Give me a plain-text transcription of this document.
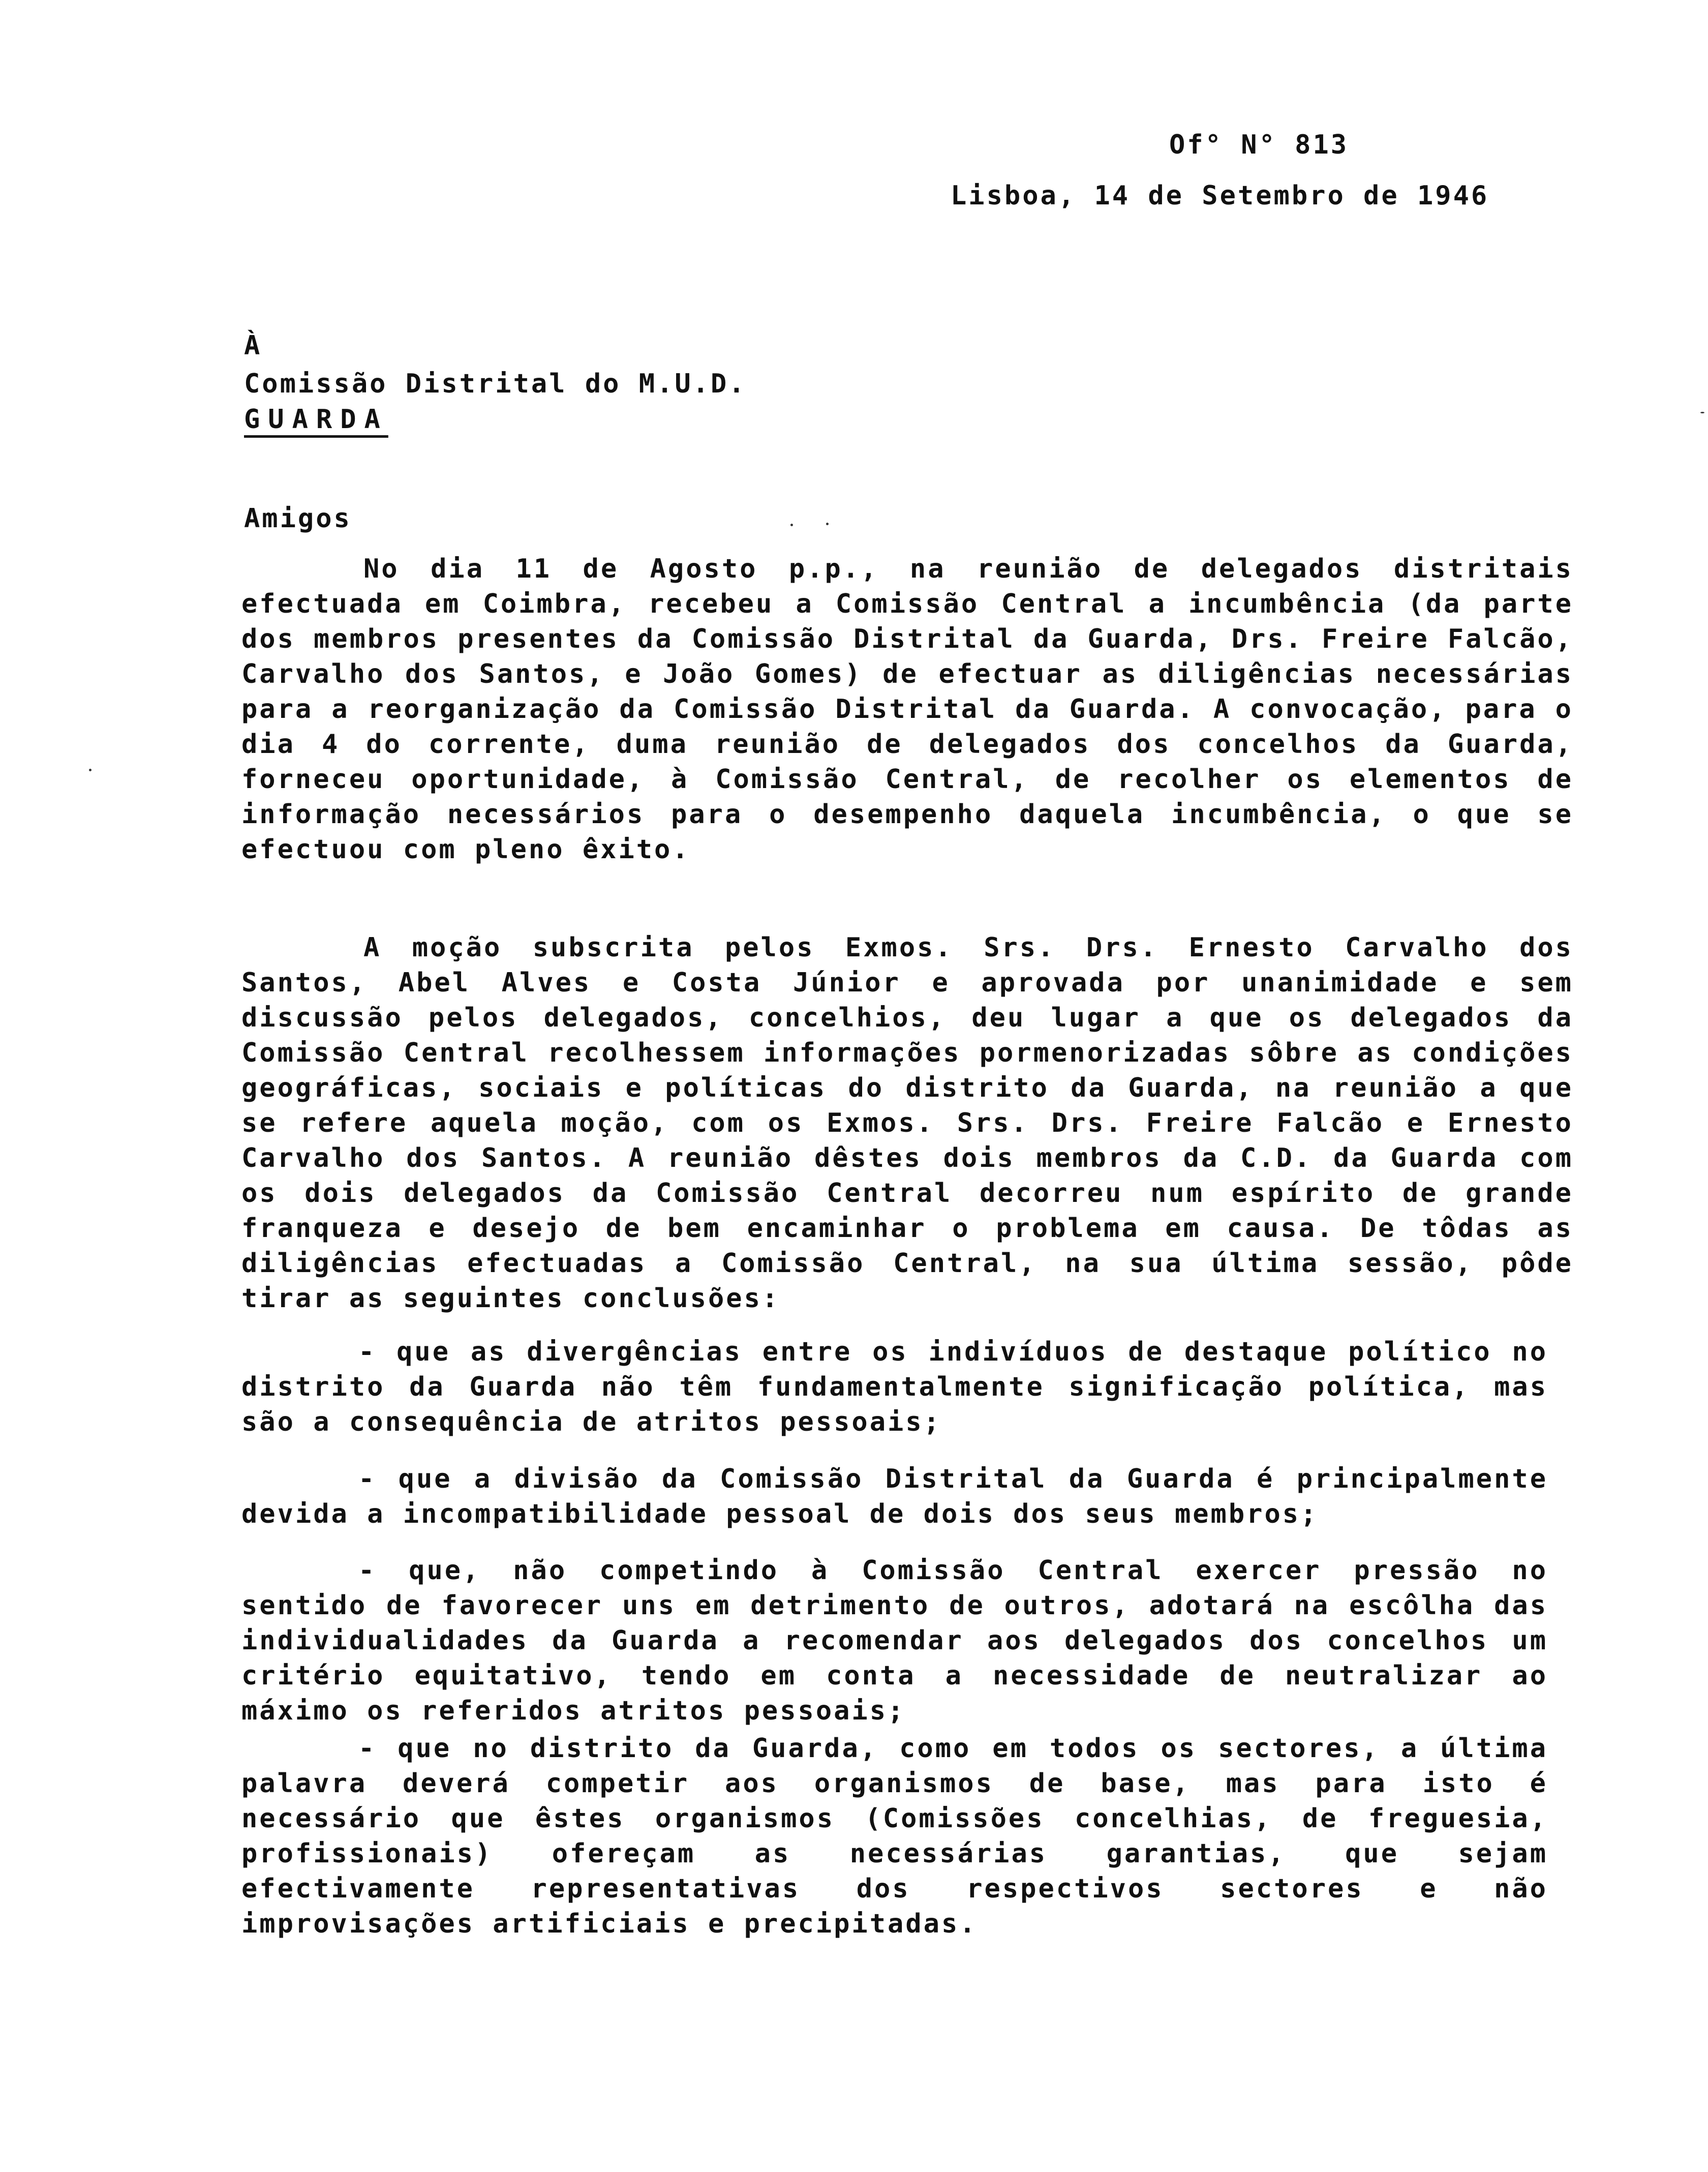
Of° N° 813
Lisboa, 14 de Setembro de 1946
À
Comissão Distrital do M.U.D.
GUARDA
Amigos

No dia 11 de Agosto p.p., na reunião de delegados distritais efectuada em Coimbra, recebeu a Comissão Central a incumbência (da parte dos membros presentes da Comissão Distrital da Guarda, Drs. Freire Falcão, Carvalho dos Santos, e João Gomes) de efectuar as diligências necessárias para a reorganização da Comissão Distrital da Guarda. A convocação, para o dia 4 do corrente, duma reunião de delegados dos concelhos da Guarda, forneceu oportunidade, à Comissão Central, de recolher os elementos de informação necessários para o desempenho daquela incumbência, o que se efectuou com pleno êxito.

A moção subscrita pelos Exmos. Srs. Drs. Ernesto Carvalho dos Santos, Abel Alves e Costa Júnior e aprovada por unanimidade e sem discussão pelos delegados, concelhios, deu lugar a que os delegados da Comissão Central recolhessem informações pormenorizadas sôbre as condições geográficas, sociais e políticas do distrito da Guarda, na reunião a que se refere aquela moção, com os Exmos. Srs. Drs. Freire Falcão e Ernesto Carvalho dos Santos. A reunião dêstes dois membros da C.D. da Guarda com os dois delegados da Comissão Central decorreu num espírito de grande franqueza e desejo de bem encaminhar o problema em causa. De tôdas as diligências efectuadas a Comissão Central, na sua última sessão, pôde tirar as seguintes conclusões:

- que as divergências entre os indivíduos de destaque político no distrito da Guarda não têm fundamentalmente significação política, mas são a consequência de atritos pessoais;

- que a divisão da Comissão Distrital da Guarda é principalmente devida a incompatibilidade pessoal de dois dos seus membros;

- que, não competindo à Comissão Central exercer pressão no sentido de favorecer uns em detrimento de outros, adotará na escôlha das individualidades da Guarda a recomendar aos delegados dos concelhos um critério equitativo, tendo em conta a necessidade de neutralizar ao máximo os referidos atritos pessoais;

- que no distrito da Guarda, como em todos os sectores, a última palavra deverá competir aos organismos de base, mas para isto é necessário que êstes organismos (Comissões concelhias, de freguesia, profissionais) ofereçam as necessárias garantias, que sejam efectivamente representativas dos respectivos sectores e não improvisações artificiais e precipitadas.
